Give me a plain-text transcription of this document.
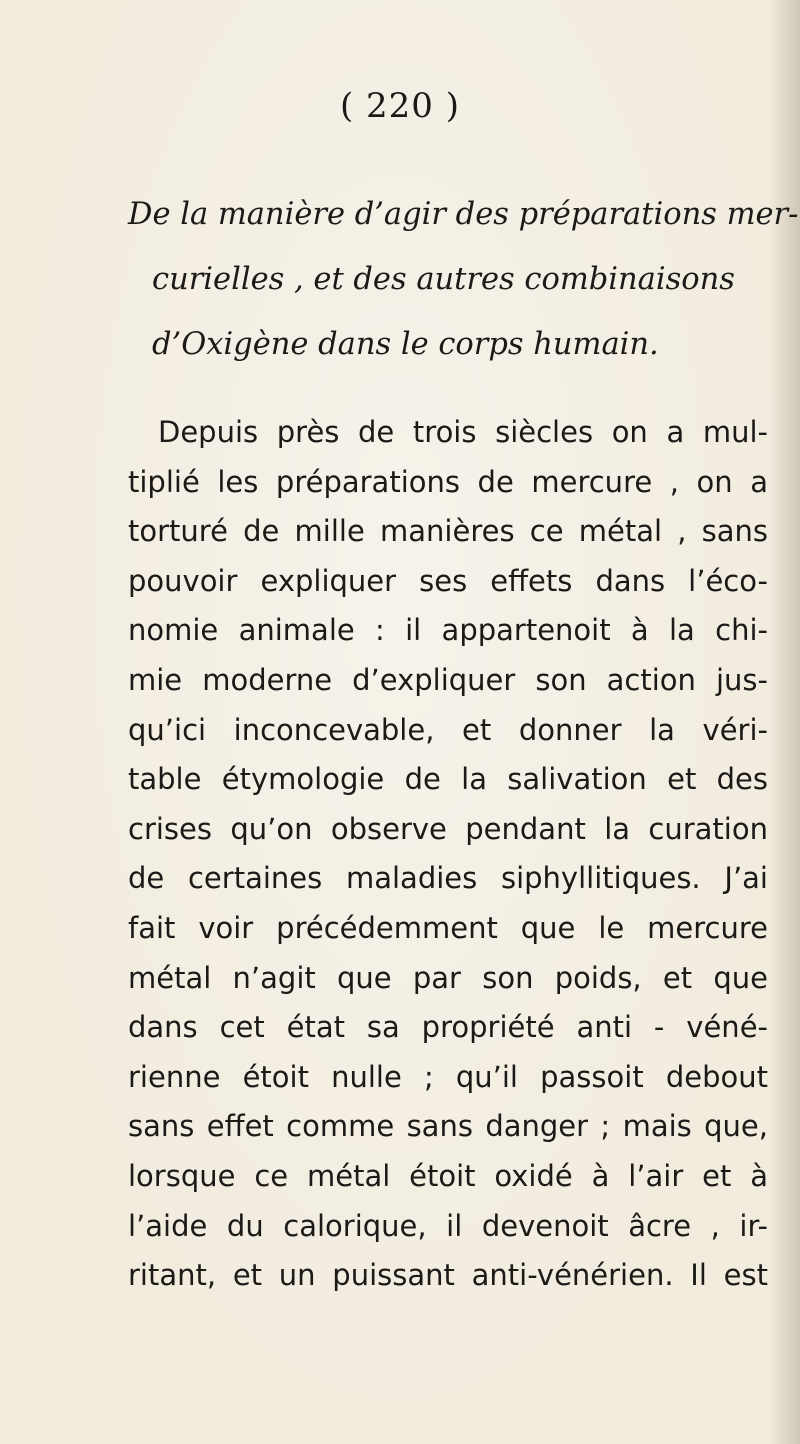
( 220 )
De la manière d’agir des préparations mer-
curielles , et des autres combinaisons
d’Oxigène dans le corps humain.
Depuis près de trois siècles on a mul-
tiplié les préparations de mercure , on a
torturé de mille manières ce métal , sans
pouvoir expliquer ses effets dans l’éco-
nomie animale : il appartenoit à la chi-
mie moderne d’expliquer son action jus-
qu’ici inconcevable, et donner la véri-
table étymologie de la salivation et des
crises qu’on observe pendant la curation
de certaines maladies siphyllitiques. J’ai
fait voir précédemment que le mercure
métal n’agit que par son poids, et que
dans cet état sa propriété anti - véné-
rienne étoit nulle ; qu’il passoit debout
sans effet comme sans danger ; mais que,
lorsque ce métal étoit oxidé à l’air et à
l’aide du calorique, il devenoit âcre , ir-
ritant, et un puissant anti-vénérien. Il est
